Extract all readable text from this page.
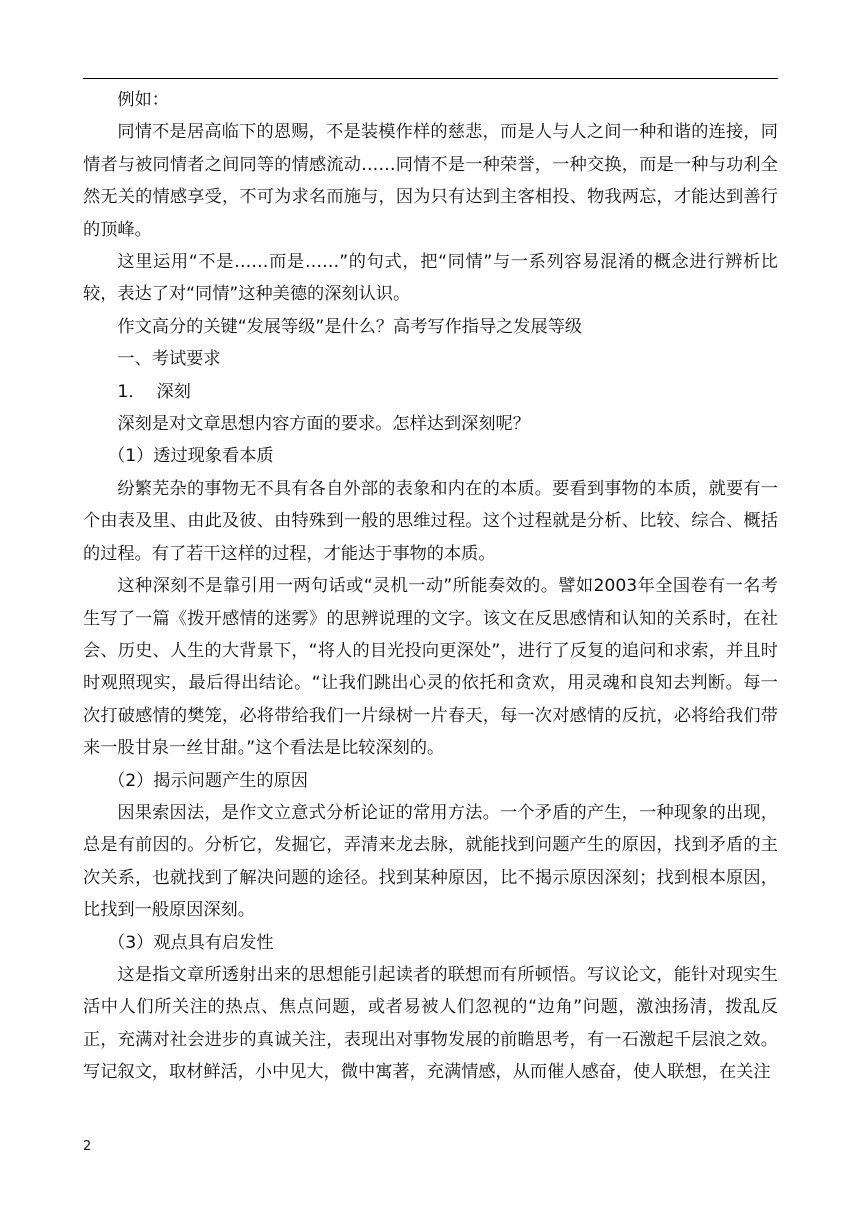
例如：

同情不是居高临下的恩赐，不是装模作样的慈悲，而是人与人之间一种和谐的连接，同情者与被同情者之间同等的情感流动……同情不是一种荣誉，一种交换，而是一种与功利全然无关的情感享受，不可为求名而施与，因为只有达到主客相投、物我两忘，才能达到善行的顶峰。

这里运用“不是……而是……”的句式，把“同情”与一系列容易混淆的概念进行辨析比较，表达了对“同情”这种美德的深刻认识。

作文高分的关键“发展等级”是什么？高考写作指导之发展等级

一、考试要求

1．  深刻

深刻是对文章思想内容方面的要求。怎样达到深刻呢？

（1）透过现象看本质

纷繁芜杂的事物无不具有各自外部的表象和内在的本质。要看到事物的本质，就要有一个由表及里、由此及彼、由特殊到一般的思维过程。这个过程就是分析、比较、综合、概括的过程。有了若干这样的过程，才能达于事物的本质。

这种深刻不是靠引用一两句话或“灵机一动”所能奏效的。譬如2003年全国卷有一名考生写了一篇《拨开感情的迷雾》的思辨说理的文字。该文在反思感情和认知的关系时，在社会、历史、人生的大背景下，“将人的目光投向更深处”，进行了反复的追问和求索，并且时时观照现实，最后得出结论。“让我们跳出心灵的依托和贪欢，用灵魂和良知去判断。每一次打破感情的樊笼，必将带给我们一片绿树一片春天，每一次对感情的反抗，必将给我们带来一股甘泉一丝甘甜。”这个看法是比较深刻的。

（2）揭示问题产生的原因

因果索因法，是作文立意式分析论证的常用方法。一个矛盾的产生，一种现象的出现，总是有前因的。分析它，发掘它，弄清来龙去脉，就能找到问题产生的原因，找到矛盾的主次关系，也就找到了解决问题的途径。找到某种原因，比不揭示原因深刻；找到根本原因，比找到一般原因深刻。

（3）观点具有启发性

这是指文章所透射出来的思想能引起读者的联想而有所顿悟。写议论文，能针对现实生活中人们所关注的热点、焦点问题，或者易被人们忽视的“边角”问题，激浊扬清，拨乱反正，充满对社会进步的真诚关注，表现出对事物发展的前瞻思考，有一石激起千层浪之效。写记叙文，取材鲜活，小中见大，微中寓著，充满情感，从而催人感奋，使人联想，在关注

2
